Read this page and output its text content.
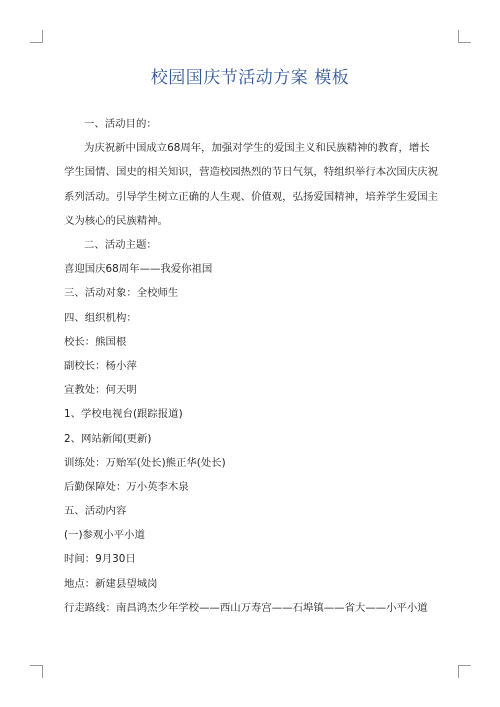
校园国庆节活动方案 模板
一、活动目的：

为庆祝新中国成立68周年，加强对学生的爱国主义和民族精神的教育，增长学生国情、国史的相关知识，营造校园热烈的节日气氛，特组织举行本次国庆庆祝系列活动。引导学生树立正确的人生观、价值观，弘扬爱国精神，培养学生爱国主义为核心的民族精神。

二、活动主题：
喜迎国庆68周年——我爱你祖国
三、活动对象：全校师生
四、组织机构：
校长：熊国根
副校长：杨小萍
宣教处：何天明
1、学校电视台(跟踪报道)
2、网站新闻(更新)
训练处：万贻军(处长)熊正华(处长)
后勤保障处：万小英李木泉
五、活动内容
(一)参观小平小道
时间：9月30日
地点：新建县望城岗
行走路线：南昌鸿杰少年学校——西山万寿宫——石埠镇——省大——小平小道
